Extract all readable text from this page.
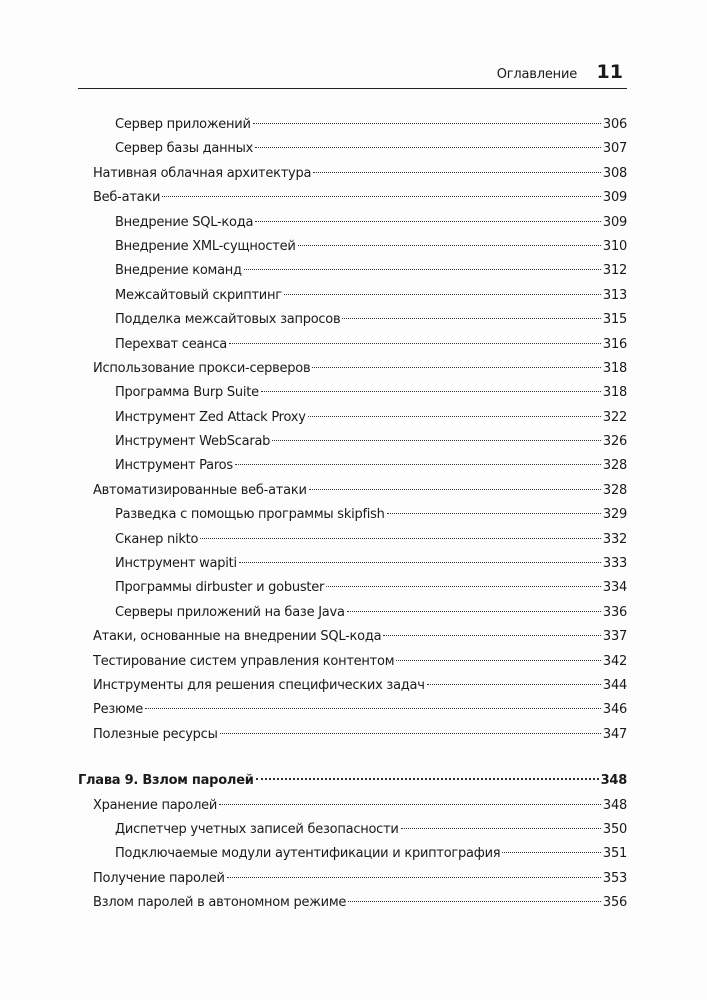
Оглавление 11
Сервер приложений	306
Сервер базы данных	307
Нативная облачная архитектура	308
Веб-атаки	309
Внедрение SQL-кода	309
Внедрение XML-сущностей	310
Внедрение команд	312
Межсайтовый скриптинг	313
Подделка межсайтовых запросов	315
Перехват сеанса	316
Использование прокси-серверов	318
Программа Burp Suite	318
Инструмент Zed Attack Proxy	322
Инструмент WebScarab	326
Инструмент Paros	328
Автоматизированные веб-атаки	328
Разведка с помощью программы skipfish	329
Сканер nikto	332
Инструмент wapiti	333
Программы dirbuster и gobuster	334
Серверы приложений на базе Java	336
Атаки, основанные на внедрении SQL-кода	337
Тестирование систем управления контентом	342
Инструменты для решения специфических задач	344
Резюме	346
Полезные ресурсы	347
Глава 9. Взлом паролей	348
Хранение паролей	348
Диспетчер учетных записей безопасности	350
Подключаемые модули аутентификации и криптография	351
Получение паролей	353
Взлом паролей в автономном режиме	356
